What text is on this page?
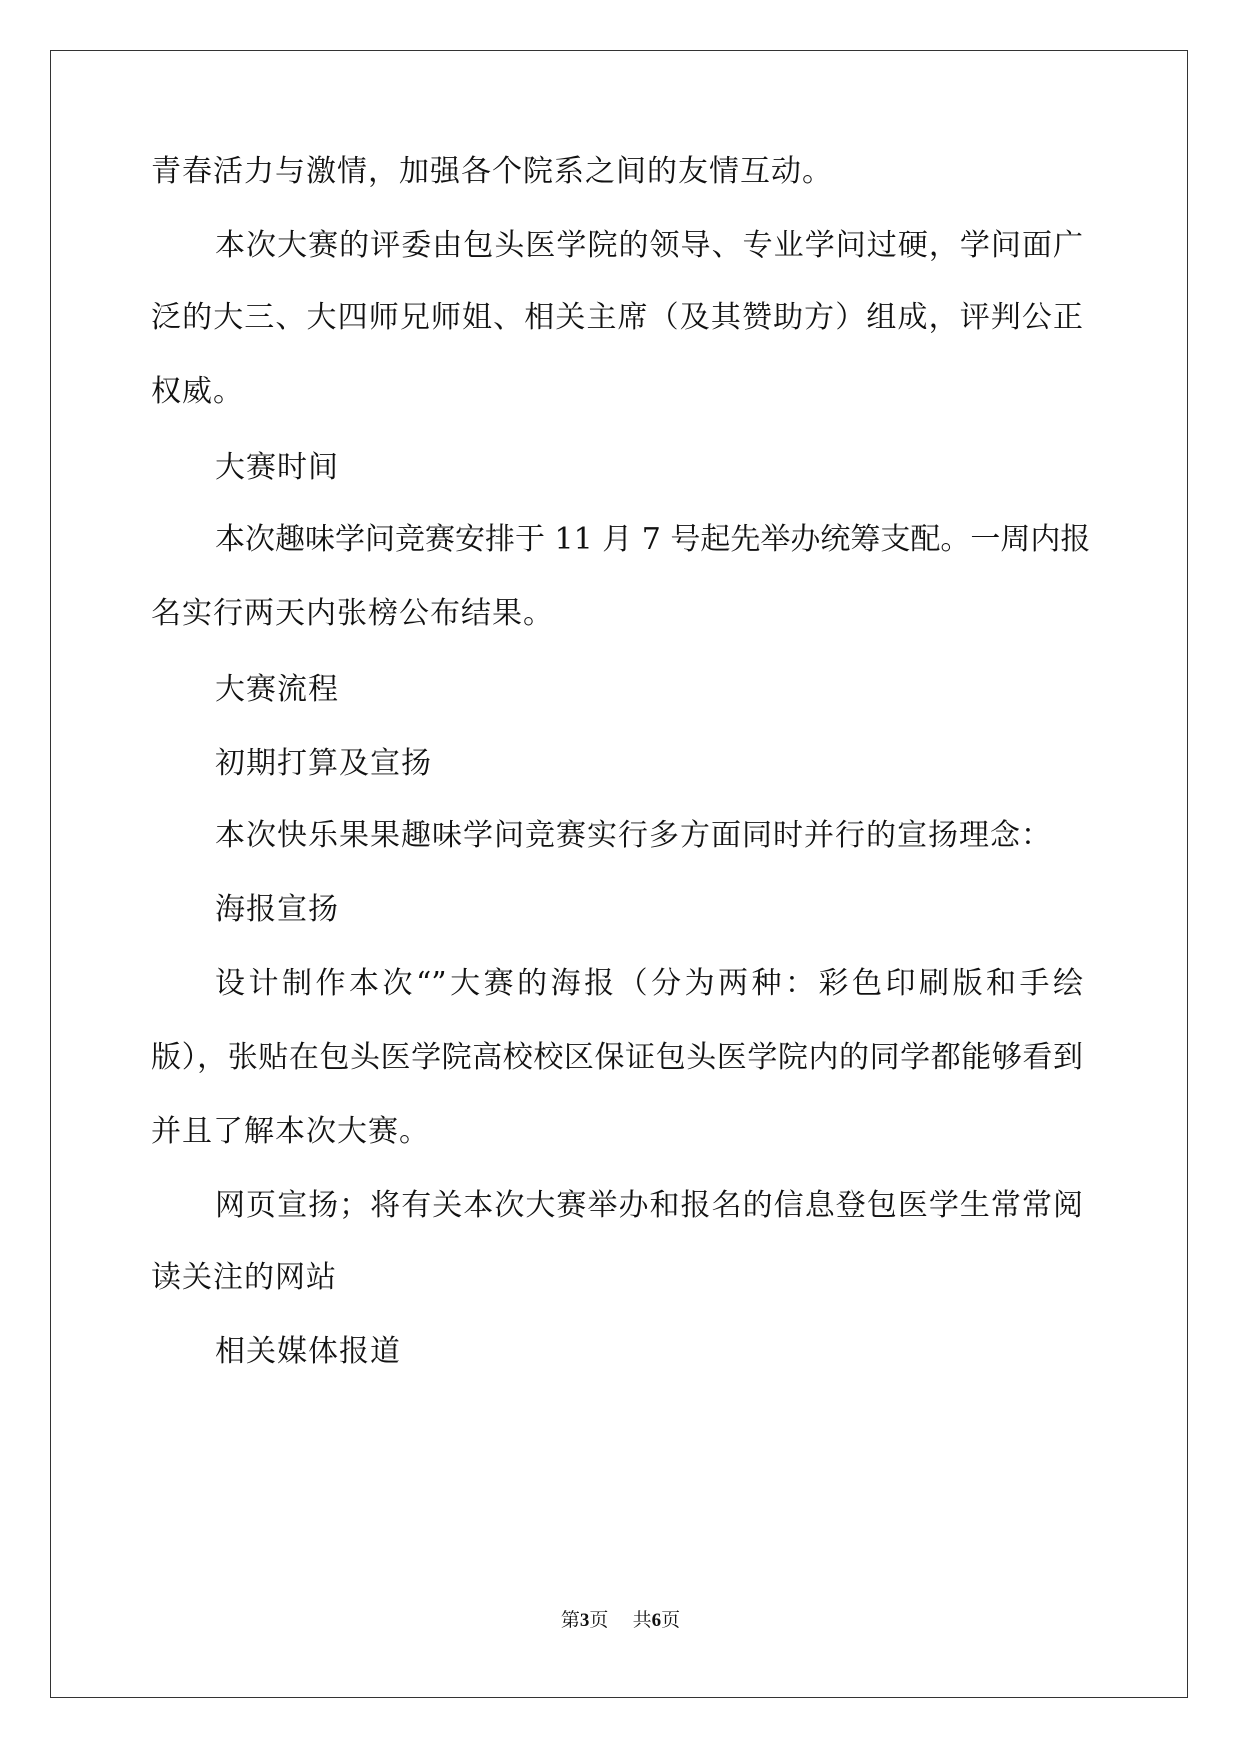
青春活力与激情，加强各个院系之间的友情互动。
本次大赛的评委由包头医学院的领导、专业学问过硬，学问面广
泛的大三、大四师兄师姐、相关主席（及其赞助方）组成，评判公正
权威。
大赛时间
本次趣味学问竞赛安排于 11 月 7 号起先举办统筹支配。一周内报
名实行两天内张榜公布结果。
大赛流程
初期打算及宣扬
本次快乐果果趣味学问竞赛实行多方面同时并行的宣扬理念：
海报宣扬
设计制作本次“”大赛的海报（分为两种：彩色印刷版和手绘
版），张贴在包头医学院高校校区保证包头医学院内的同学都能够看到
并且了解本次大赛。
网页宣扬；将有关本次大赛举办和报名的信息登包医学生常常阅
读关注的网站
相关媒体报道
第3页 共6页
